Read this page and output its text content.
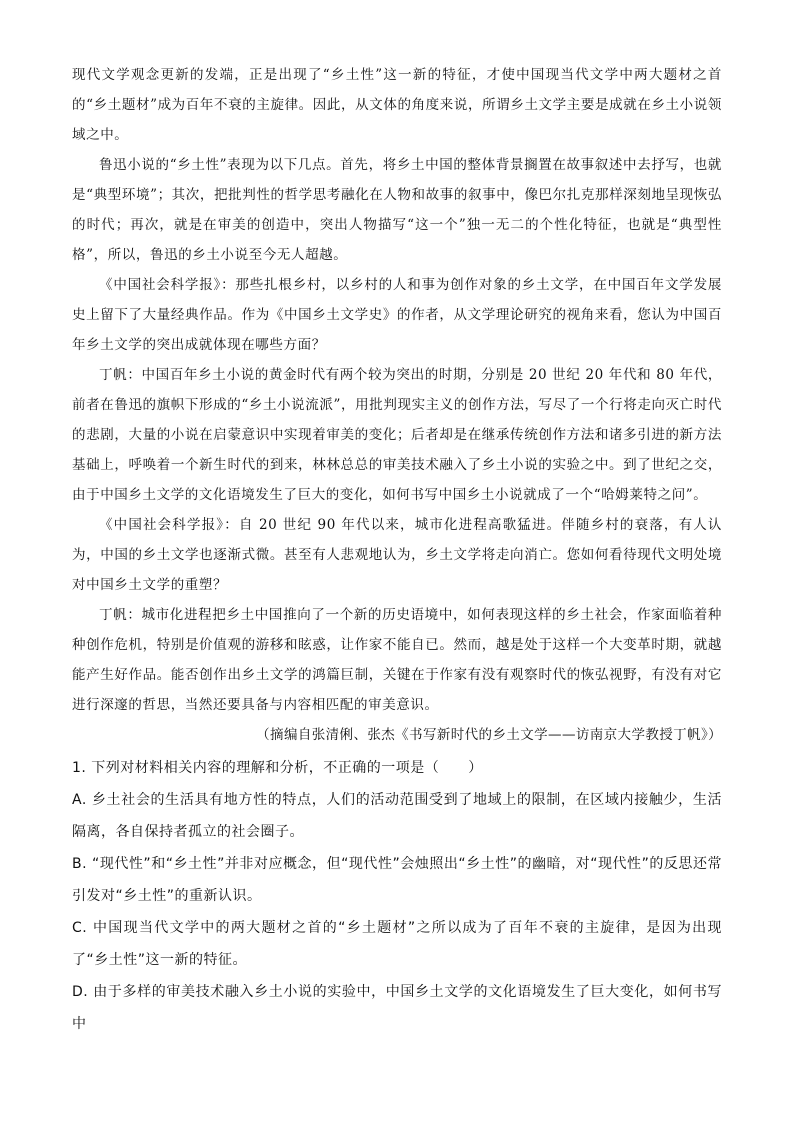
现代文学观念更新的发端，正是出现了“乡土性”这一新的特征，才使中国现当代文学中两大题材之首的“乡土题材”成为百年不衰的主旋律。因此，从文体的角度来说，所谓乡土文学主要是成就在乡土小说领域之中。

鲁迅小说的“乡土性”表现为以下几点。首先，将乡土中国的整体背景搁置在故事叙述中去抒写，也就是“典型环境”；其次，把批判性的哲学思考融化在人物和故事的叙事中，像巴尔扎克那样深刻地呈现恢弘的时代；再次，就是在审美的创造中，突出人物描写“这一个”独一无二的个性化特征，也就是“典型性格”，所以，鲁迅的乡土小说至今无人超越。

《中国社会科学报》：那些扎根乡村，以乡村的人和事为创作对象的乡土文学，在中国百年文学发展史上留下了大量经典作品。作为《中国乡土文学史》的作者，从文学理论研究的视角来看，您认为中国百年乡土文学的突出成就体现在哪些方面？

丁帆：中国百年乡土小说的黄金时代有两个较为突出的时期，分别是 20 世纪 20 年代和 80 年代，前者在鲁迅的旗帜下形成的“乡土小说流派”，用批判现实主义的创作方法，写尽了一个行将走向灭亡时代的悲剧，大量的小说在启蒙意识中实现着审美的变化；后者却是在继承传统创作方法和诸多引进的新方法基础上，呼唤着一个新生时代的到来，林林总总的审美技术融入了乡土小说的实验之中。到了世纪之交，由于中国乡土文学的文化语境发生了巨大的变化，如何书写中国乡土小说就成了一个“哈姆莱特之问”。

《中国社会科学报》：自 20 世纪 90 年代以来，城市化进程高歌猛进。伴随乡村的衰落，有人认为，中国的乡土文学也逐渐式微。甚至有人悲观地认为，乡土文学将走向消亡。您如何看待现代文明处境对中国乡土文学的重塑？

丁帆：城市化进程把乡土中国推向了一个新的历史语境中，如何表现这样的乡土社会，作家面临着种种创作危机，特别是价值观的游移和眩惑，让作家不能自已。然而，越是处于这样一个大变革时期，就越能产生好作品。能否创作出乡土文学的鸿篇巨制，关键在于作家有没有观察时代的恢弘视野，有没有对它进行深邃的哲思，当然还要具备与内容相匹配的审美意识。

（摘编自张清俐、张杰《书写新时代的乡土文学——访南京大学教授丁帆》）

1. 下列对材料相关内容的理解和分析，不正确的一项是（　　）

A. 乡土社会的生活具有地方性的特点，人们的活动范围受到了地域上的限制，在区域内接触少，生活隔离，各自保持者孤立的社会圈子。

B. “现代性”和“乡土性”并非对应概念，但“现代性”会烛照出“乡土性”的幽暗，对“现代性”的反思还常引发对“乡土性”的重新认识。

C. 中国现当代文学中的两大题材之首的“乡土题材”之所以成为了百年不衰的主旋律，是因为出现了“乡土性”这一新的特征。

D. 由于多样的审美技术融入乡土小说的实验中，中国乡土文学的文化语境发生了巨大变化，如何书写中
